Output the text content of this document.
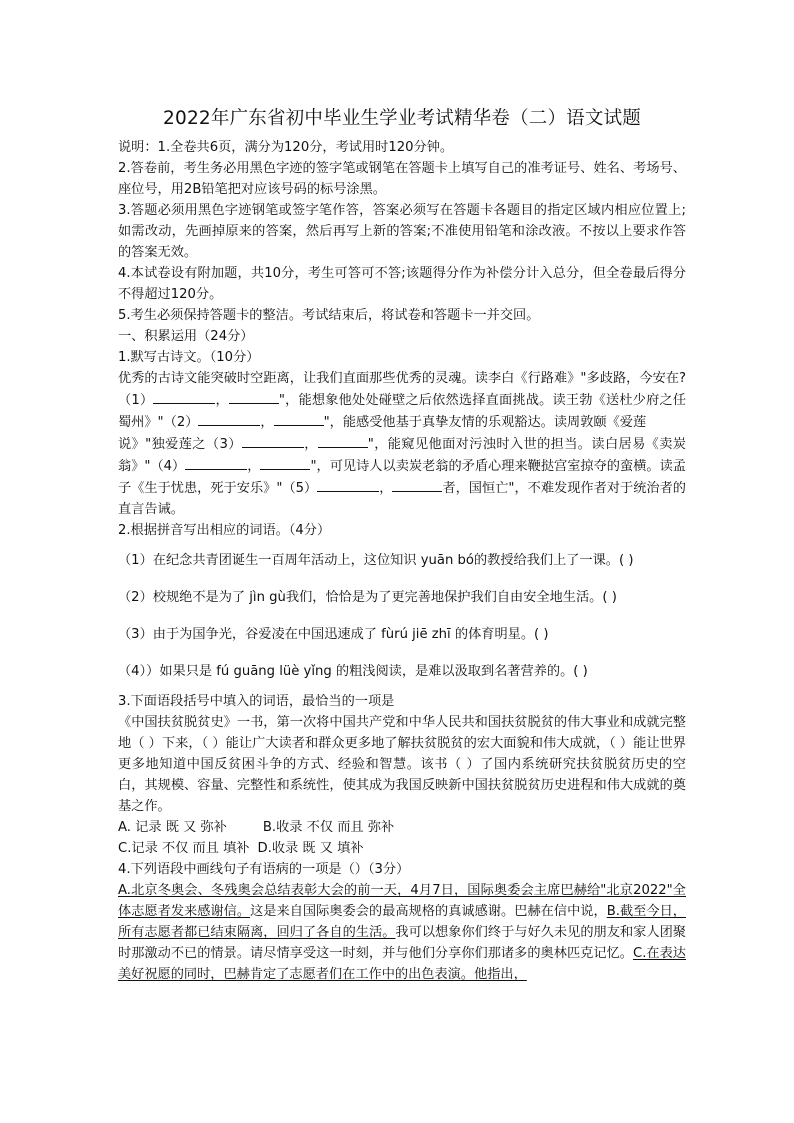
2022年广东省初中毕业生学业考试精华卷（二）语文试题

说明：1.全卷共6页，满分为120分，考试用时120分钟。

2.答卷前，考生务必用黑色字迹的签字笔或钢笔在答题卡上填写自己的准考证号、姓名、考场号、座位号，用2B铅笔把对应该号码的标号涂黑。

3.答题必须用黑色字迹钢笔或签字笔作答，答案必须写在答题卡各题目的指定区域内相应位置上;如需改动，先画掉原来的答案，然后再写上新的答案;不准使用铅笔和涂改液。不按以上要求作答的答案无效。

4.本试卷设有附加题，共10分，考生可答可不答;该题得分作为补偿分计入总分，但全卷最后得分不得超过120分。

5.考生必须保持答题卡的整洁。考试结束后，将试卷和答题卡一并交回。

一、积累运用（24分）

1.默写古诗文。（10分）

优秀的古诗文能突破时空距离，让我们直面那些优秀的灵魂。读李白《行路难》"多歧路，今安在?（1）	，	"，能想象他处处碰壁之后依然选择直面挑战。读王勃《送杜少府之任蜀州》"（2）	，	"，能感受他基于真挚友情的乐观豁达。读周敦颐《爱莲
说》"独爱莲之（3）	，	"，能窥见他面对污浊时入世的担当。读白居易《卖炭翁》"（4）	，	"，可见诗人以卖炭老翁的矛盾心理来鞭挞宫室掠夺的蛮横。读孟子《生于忧患，死于安乐》"（5）	，	者，国恒亡"，不难发现作者对于统治者的直言告诫。

2.根据拼音写出相应的词语。（4分）

（1）在纪念共青团诞生一百周年活动上，这位知识 yuān bó的教授给我们上了一课。( )

（2）校规绝不是为了 jìn gù我们，恰恰是为了更完善地保护我们自由安全地生活。( )

（3）由于为国争光，谷爱凌在中国迅速成了 fùrú jiē zhī 的体育明星。( )

（4））如果只是 fú guāng lüè yǐng 的粗浅阅读，是难以汲取到名著营养的。( )

3.下面语段括号中填入的词语，最恰当的一项是

《中国扶贫脱贫史》一书，第一次将中国共产党和中华人民共和国扶贫脱贫的伟大事业和成就完整地（ ）下来，（ ）能让广大读者和群众更多地了解扶贫脱贫的宏大面貌和伟大成就，（ ）能让世界更多地知道中国反贫困斗争的方式、经验和智慧。该书（ ）了国内系统研究扶贫脱贫历史的空白，其规模、容量、完整性和系统性，使其成为我国反映新中国扶贫脱贫历史进程和伟大成就的奠基之作。

A. 记录 既 又 弥补	B.收录 不仅 而且 弥补

C.记录 不仅 而且 填补 D.收录 既 又 填补

4.下列语段中画线句子有语病的一项是（）（3分）

A.北京冬奥会、冬残奥会总结表彰大会的前一天，4月7日，国际奥委会主席巴赫给"北京2022"全体志愿者发来感谢信。这是来自国际奥委会的最高规格的真诚感谢。巴赫在信中说，B.截至今日，所有志愿者都已结束隔离，回归了各自的生活。我可以想象你们终于与好久未见的朋友和家人团聚时那激动不已的情景。请尽情享受这一时刻，并与他们分享你们那诸多的奥林匹克记忆。C.在表达美好祝愿的同时，巴赫肯定了志愿者们在工作中的出色表演。他指出，
